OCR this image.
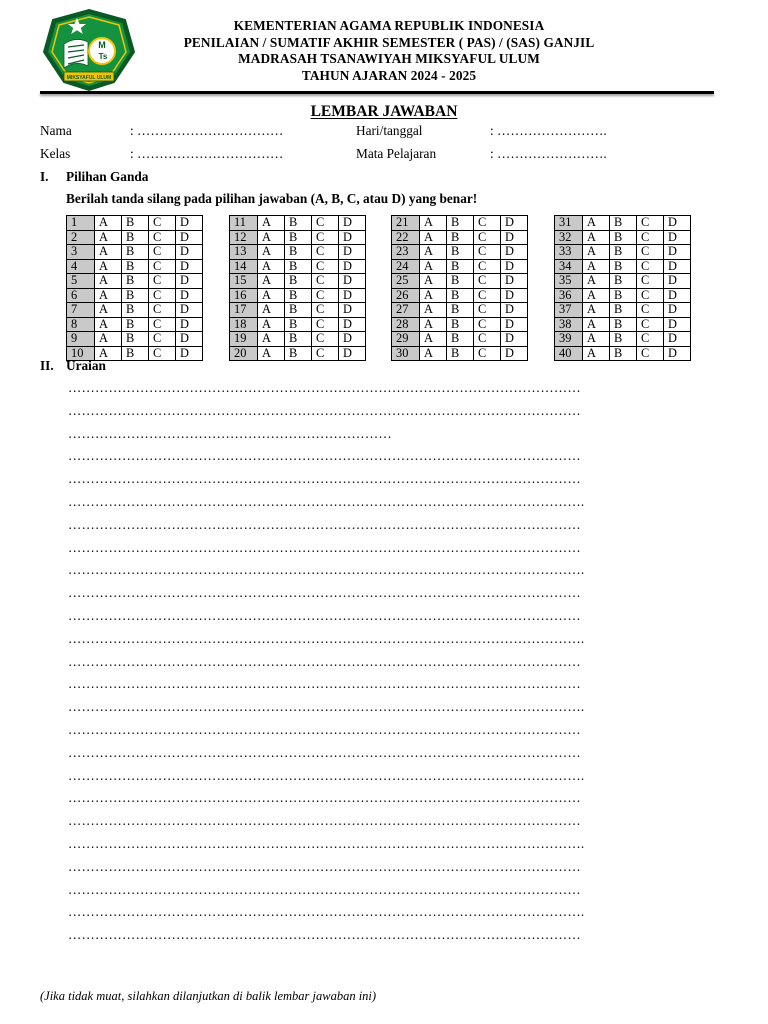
M
Ts
MIKSYAFUL ULUM
KEMENTERIAN AGAMA REPUBLIK INDONESIA
PENILAIAN / SUMATIF AKHIR SEMESTER ( PAS) / (SAS) GANJIL
MADRASAH TSANAWIYAH MIKSYAFUL ULUM
TAHUN AJARAN 2024 - 2025
LEMBAR JAWABAN
Nama	: ……………………………	Hari/tanggal	: …………………….
Kelas	: ……………………………	Mata Pelajaran	: …………………….
I. Pilihan Ganda
Berilah tanda silang pada pilihan jawaban (A, B, C, atau D) yang benar!
1	A	B	C	D
2	A	B	C	D
3	A	B	C	D
4	A	B	C	D
5	A	B	C	D
6	A	B	C	D
7	A	B	C	D
8	A	B	C	D
9	A	B	C	D
10	A	B	C	D
11	A	B	C	D
12	A	B	C	D
13	A	B	C	D
14	A	B	C	D
15	A	B	C	D
16	A	B	C	D
17	A	B	C	D
18	A	B	C	D
19	A	B	C	D
20	A	B	C	D
21	A	B	C	D
22	A	B	C	D
23	A	B	C	D
24	A	B	C	D
25	A	B	C	D
26	A	B	C	D
27	A	B	C	D
28	A	B	C	D
29	A	B	C	D
30	A	B	C	D
31	A	B	C	D
32	A	B	C	D
33	A	B	C	D
34	A	B	C	D
35	A	B	C	D
36	A	B	C	D
37	A	B	C	D
38	A	B	C	D
39	A	B	C	D
40	A	B	C	D
II. Uraian
……………………………………………………………………………………………………
……………………………………………………………………………………………………
………………………………………………………………
……………………………………………………………………………………………………
……………………………………………………………………………………………………
…………………………………………………………………………………………………….
……………………………………………………………………………………………………
……………………………………………………………………………………………………
…………………………………………………………………………………………………….
……………………………………………………………………………………………………
……………………………………………………………………………………………………
…………………………………………………………………………………………………….
……………………………………………………………………………………………………
……………………………………………………………………………………………………
…………………………………………………………………………………………………….
……………………………………………………………………………………………………
……………………………………………………………………………………………………
…………………………………………………………………………………………………….
……………………………………………………………………………………………………
……………………………………………………………………………………………………
…………………………………………………………………………………………………….
……………………………………………………………………………………………………
……………………………………………………………………………………………………
…………………………………………………………………………………………………….
……………………………………………………………………………………………………
(Jika tidak muat, silahkan dilanjutkan di balik lembar jawaban ini)
